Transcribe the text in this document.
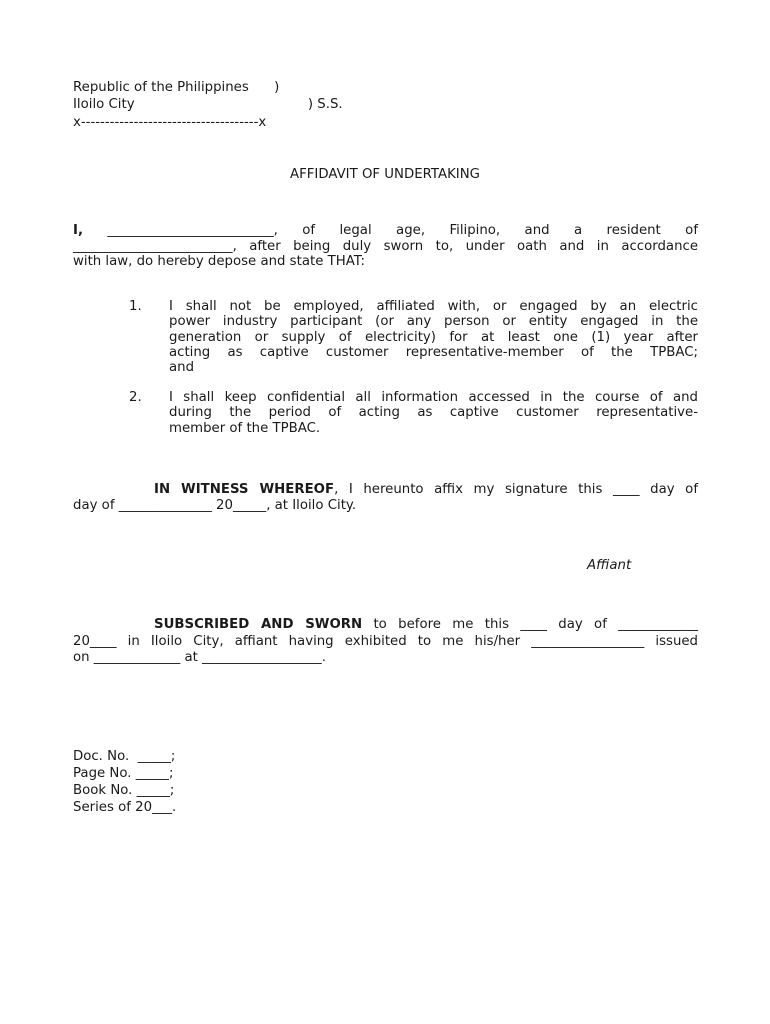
Republic of the Philippines      )
Iloilo City                                         ) S.S.
x-------------------------------------x
AFFIDAVIT OF UNDERTAKING
I, _________________________, of legal age, Filipino, and a resident of
________________________, after being duly sworn to, under oath and in accordance
with law, do hereby depose and state THAT:
1. I shall not be employed, affiliated with, or engaged by an electric
power industry participant (or any person or entity engaged in the
generation or supply of electricity) for at least one (1) year after
acting as captive customer representative-member of the TPBAC;
and
2. I shall keep confidential all information accessed in the course of and
during the period of acting as captive customer representative-
member of the TPBAC.
IN WITNESS WHEREOF, I hereunto affix my signature this ____ day of
day of ______________ 20_____, at Iloilo City.
Affiant
SUBSCRIBED AND SWORN to before me this ____ day of ____________
20____ in Iloilo City, affiant having exhibited to me his/her _________________ issued
on _____________ at __________________.
Doc. No.  _____;
Page No. _____;
Book No. _____;
Series of 20___.
